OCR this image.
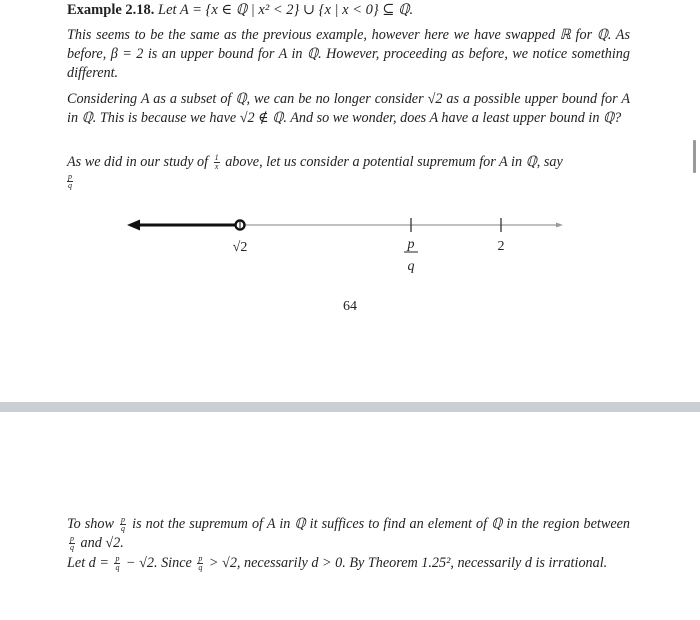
Example 2.18. Let A = {x ∈ ℚ | x² < 2} ∪ {x | x < 0} ⊆ ℚ.
This seems to be the same as the previous example, however here we have swapped ℝ for ℚ. As before, β = 2 is an upper bound for A in ℚ. However, proceeding as before, we notice something different.
Considering A as a subset of ℚ, we can be no longer consider √2 as a possible upper bound for A in ℚ. This is because we have √2 ∉ ℚ. And so we wonder, does A have a least upper bound in ℚ?
As we did in our study of $\frac{1}{x}$ above, let us consider a potential supremum for A in ℚ, say

$\frac{p}{q}$
√2	p
q
2
64
To show $\frac{p}{q}$ is not the supremum of A in ℚ it suffices to find an element of ℚ in the region between
$\frac{p}{q}$ and √2.
Let $d = \frac{p}{q} - √2$. Since $\frac{p}{q} > √2$, necessarily d > 0. By Theorem 1.25², necessarily d is irrational.
